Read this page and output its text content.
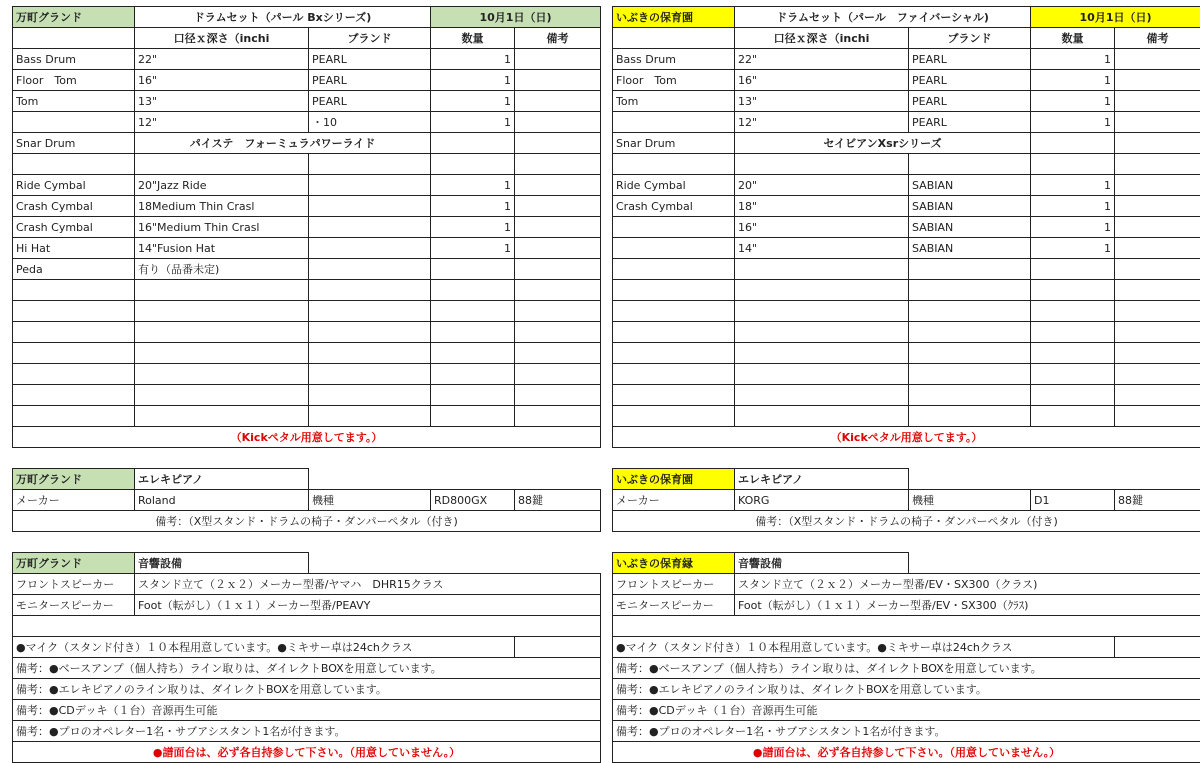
万町グランド	ドラムセット（パール Bxシリーズ)		10月1日（日)	
	口径ｘ深さ（inchi	ブランド	数量	備考
Bass Drum	22"	PEARL	1	
Floor　Tom	16"	PEARL	1	
Tom	13"	PEARL	1	
	12"	・10	1	
Snar Drum	パイステ　フォーミュラパワーライド			

Ride Cymbal	20"Jazz Ride		1	
Crash Cymbal	18Medium Thin Crasl		1	
Crash Cymbal	16"Medium Thin Crasl		1	
Hi Hat	14"Fusion Hat		1	
Peda	有り（品番未定)			

（Kickペタル用意してます。）				
万町グランド	エレキピアノ			
メーカー	Roland	機種	RD800GX	88鍵
備考：（X型スタンド・ドラムの椅子・ダンパーペタル（付き)				
万町グランド	音響設備			
フロントスピーカー	スタンド立て（２ｘ２）メーカー型番/ヤマハ　DHR15クラス			
モニタースピーカー	Foot（転がし）（１ｘ１）メーカー型番/PEAVY			

●マイク（スタンド付き）１０本程用意しています。●ミキサー卓は24chクラス				
備考：●ベースアンプ（個人持ち）ライン取りは、ダイレクトBOXを用意しています。				
備考：●エレキピアノのライン取りは、ダイレクトBOXを用意しています。				
備考：●CDデッキ（１台）音源再生可能				
備考：●プロのオペレター1名・サブアシスタント1名が付きます。				
●譜面台は、必ず各自持参して下さい。（用意していません。）				
いぶきの保育園	ドラムセット（パール　ファイバーシャル)		10月1日（日)	
	口径ｘ深さ（inchi	ブランド	数量	備考
Bass Drum	22"	PEARL	1	
Floor　Tom	16"	PEARL	1	
Tom	13"	PEARL	1	
	12"	PEARL	1	
Snar Drum	セイビアンXsrシリーズ			

Ride Cymbal	20"	SABIAN	1	
Crash Cymbal	18"	SABIAN	1	
	16"	SABIAN	1	
	14"	SABIAN	1	

（Kickペタル用意してます。）				
いぶきの保育園	エレキピアノ			
メーカー	KORG	機種	D1	88鍵
備考：（X型スタンド・ドラムの椅子・ダンパーペタル（付き)				
いぶきの保育縁	音響設備			
フロントスピーカー	スタンド立て（２ｘ２）メーカー型番/EV・SX300（クラス)			
モニタースピーカー	Foot（転がし）（１ｘ１）メーカー型番/EV・SX300（ｸﾗｽ)			

●マイク（スタンド付き）１０本程用意しています。●ミキサー卓は24chクラス				
備考：●ベースアンプ（個人持ち）ライン取りは、ダイレクトBOXを用意しています。				
備考：●エレキピアノのライン取りは、ダイレクトBOXを用意しています。				
備考：●CDデッキ（１台）音源再生可能				
備考：●プロのオペレター1名・サブアシスタント1名が付きます。				
●譜面台は、必ず各自持参して下さい。（用意していません。）				
